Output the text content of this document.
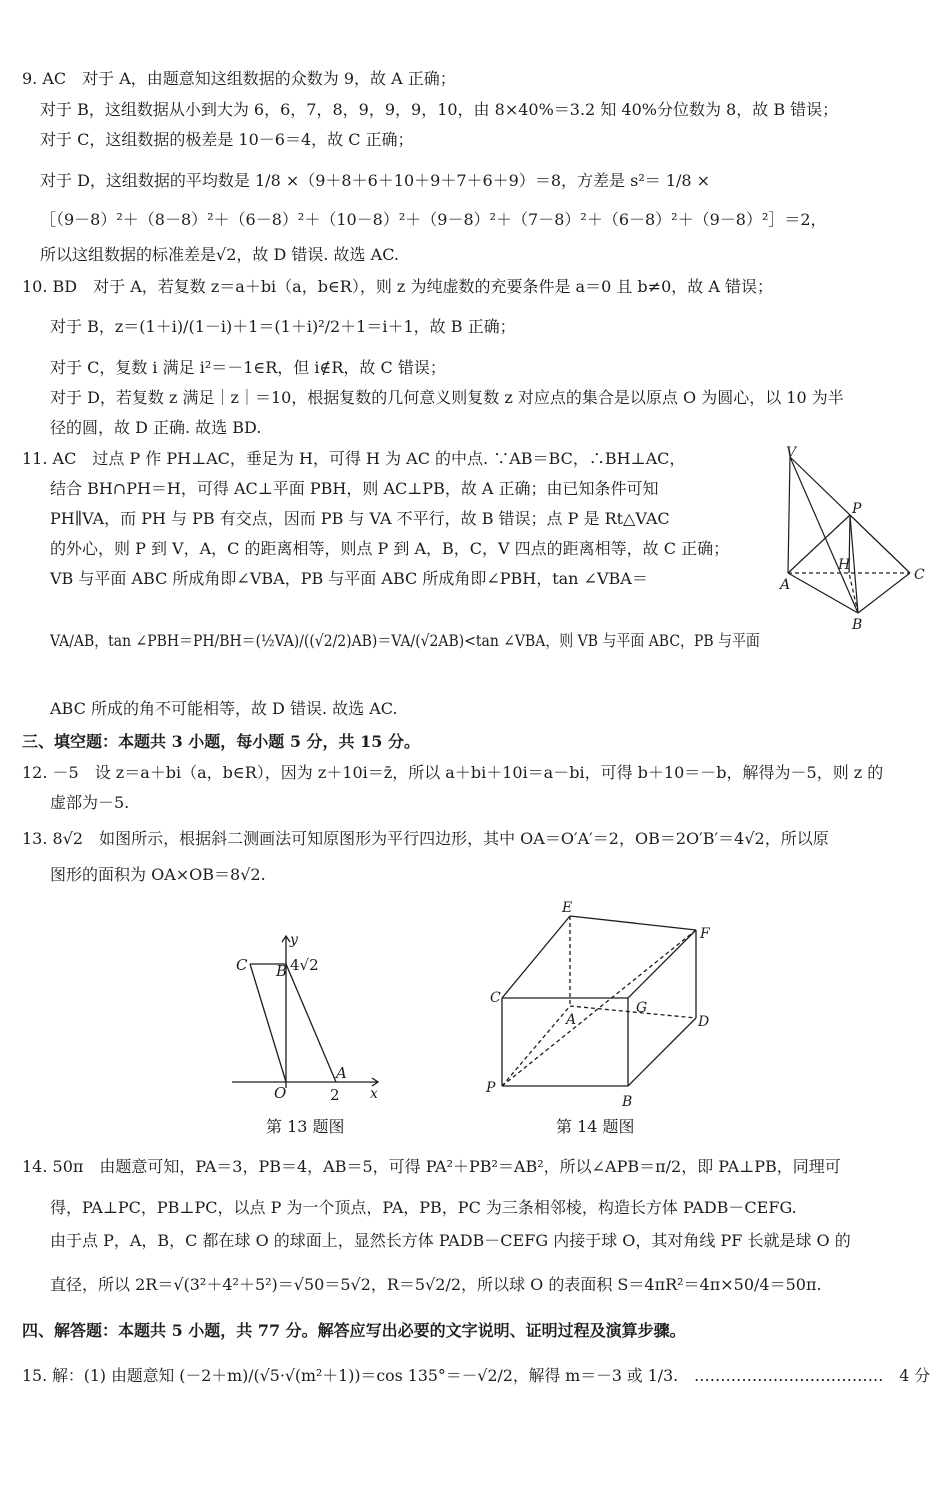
9. AC　对于 A，由题意知这组数据的众数为 9，故 A 正确；
对于 B，这组数据从小到大为 6，6，7，8，9，9，9，10，由 8×40%＝3.2 知 40%分位数为 8，故 B 错误；
对于 C，这组数据的极差是 10－6＝4，故 C 正确；
对于 D，这组数据的平均数是 1/8 ×（9＋8＋6＋10＋9＋7＋6＋9）＝8，方差是 s²＝ 1/8 ×
［（9－8）²＋（8－8）²＋（6－8）²＋（10－8）²＋（9－8）²＋（7－8）²＋（6－8）²＋（9－8）²］＝2，
所以这组数据的标准差是√2，故 D 错误. 故选 AC.
10. BD　对于 A，若复数 z＝a＋bi（a，b∈R），则 z 为纯虚数的充要条件是 a＝0 且 b≠0，故 A 错误；
对于 B，z＝(1＋i)/(1－i)＋1＝(1＋i)²/2＋1＝i＋1，故 B 正确；
对于 C，复数 i 满足 i²＝－1∈R，但 i∉R，故 C 错误；
对于 D，若复数 z 满足｜z｜＝10，根据复数的几何意义则复数 z 对应点的集合是以原点 O 为圆心，以 10 为半
径的圆，故 D 正确. 故选 BD.
11. AC　过点 P 作 PH⊥AC，垂足为 H，可得 H 为 AC 的中点. ∵AB＝BC，∴BH⊥AC，
结合 BH∩PH＝H，可得 AC⊥平面 PBH，则 AC⊥PB，故 A 正确；由已知条件可知
PH∥VA，而 PH 与 PB 有交点，因而 PB 与 VA 不平行，故 B 错误；点 P 是 Rt△VAC
的外心，则 P 到 V，A，C 的距离相等，则点 P 到 A，B，C，V 四点的距离相等，故 C 正确；
VB 与平面 ABC 所成角即∠VBA，PB 与平面 ABC 所成角即∠PBH，tan ∠VBA＝
VA/AB，tan ∠PBH＝PH/BH＝(½VA)/((√2/2)AB)＝VA/(√2AB)<tan ∠VBA，则 VB 与平面 ABC，PB 与平面
ABC 所成的角不可能相等，故 D 错误. 故选 AC.
V
P
H
A
C
B
三、填空题：本题共 3 小题，每小题 5 分，共 15 分。
12. －5　设 z＝a＋bi（a，b∈R），因为 z＋10i＝z̄，所以 a＋bi＋10i＝a－bi，可得 b＋10＝－b，解得为－5，则 z 的
虚部为－5.
13. 8√2　如图所示，根据斜二测画法可知原图形为平行四边形，其中 OA＝O′A′＝2，OB＝2O′B′＝4√2，所以原
图形的面积为 OA×OB＝8√2.
y
x
C B 4√2
O
A
2
第 13 题图
E
F
C
G
A	D
P
B
第 14 题图
14. 50π　由题意可知，PA＝3，PB＝4，AB＝5，可得 PA²＋PB²＝AB²，所以∠APB＝π/2，即 PA⊥PB，同理可
得，PA⊥PC，PB⊥PC，以点 P 为一个顶点，PA，PB，PC 为三条相邻棱，构造长方体 PADB－CEFG.
由于点 P，A，B，C 都在球 O 的球面上，显然长方体 PADB－CEFG 内接于球 O，其对角线 PF 长就是球 O 的
直径，所以 2R＝√(3²＋4²＋5²)＝√50＝5√2，R＝5√2/2，所以球 O 的表面积 S＝4πR²＝4π×50/4＝50π.
四、解答题：本题共 5 小题，共 77 分。解答应写出必要的文字说明、证明过程及演算步骤。
15. 解：(1) 由题意知 (－2＋m)/(√5·√(m²＋1))＝cos 135°＝－√2/2，解得 m＝－3 或 1/3.　………………………………　4 分
